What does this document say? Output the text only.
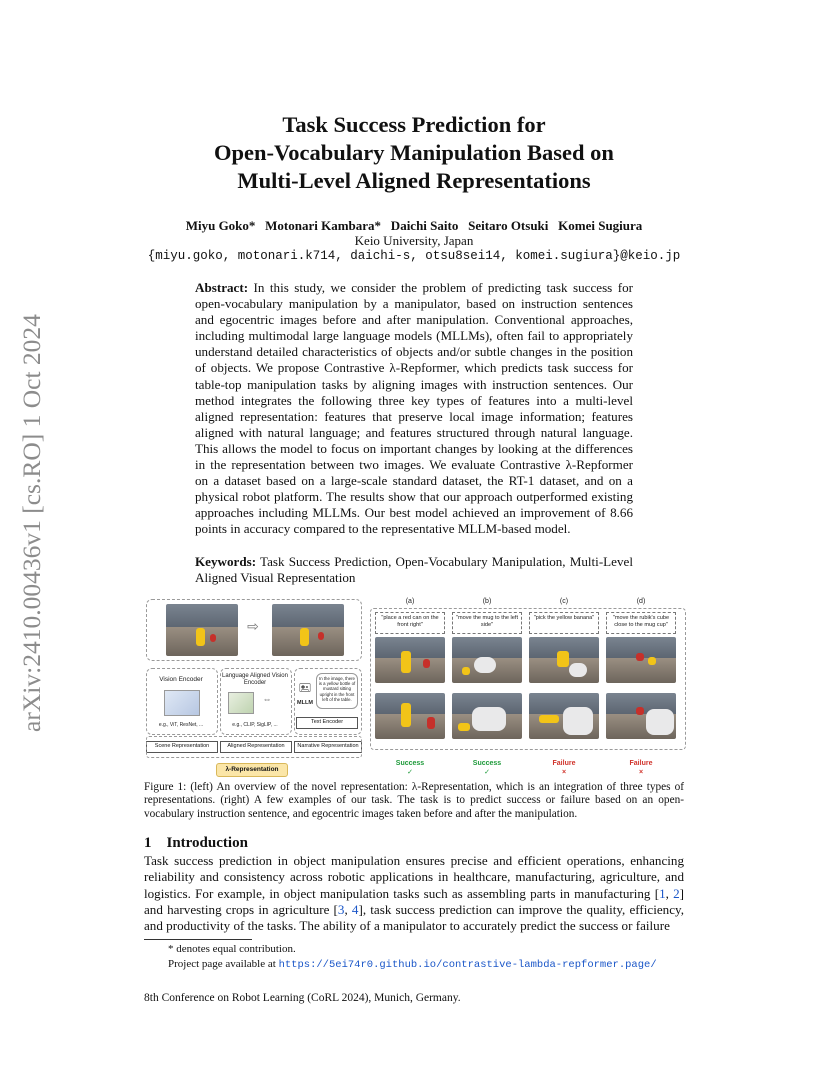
arXiv:2410.00436v1 [cs.RO] 1 Oct 2024
Task Success Prediction for
Open-Vocabulary Manipulation Based on
Multi-Level Aligned Representations
Miyu Goko*   Motonari Kambara*   Daichi Saito   Seitaro Otsuki   Komei Sugiura
Keio University, Japan
{miyu.goko, motonari.k714, daichi-s, otsu8sei14, komei.sugiura}@keio.jp
Abstract: In this study, we consider the problem of predicting task success for open-vocabulary manipulation by a manipulator, based on instruction sentences and egocentric images before and after manipulation. Conventional approaches, including multimodal large language models (MLLMs), often fail to appropriately understand detailed characteristics of objects and/or subtle changes in the position of objects. We propose Contrastive λ-Repformer, which predicts task success for table-top manipulation tasks by aligning images with instruction sentences. Our method integrates the following three key types of features into a multi-level aligned representation: features that preserve local image information; features aligned with natural language; and features structured through natural language. This allows the model to focus on important changes by looking at the differences in the representation between two images. We evaluate Contrastive λ-Repformer on a dataset based on a large-scale standard dataset, the RT-1 dataset, and on a physical robot platform. The results show that our approach outperformed existing approaches including MLLMs. Our best model achieved an improvement of 8.66 points in accuracy compared to the representative MLLM-based model.
Keywords: Task Success Prediction, Open-Vocabulary Manipulation, Multi-Level Aligned Visual Representation
⇨
Vision Encoder
e.g., ViT, ResNet, ...
Language Aligned Vision Encoder
⇔
e.g., CLIP, SigLIP, ...
🖭
MLLM
In the image, there is a yellow bottle of mustard sitting upright in the front left of the table.
Text Encoder
Scene Representation	Aligned Representation	Narrative Representation
λ-Representation
(a)	(b)	(c)	(d)
"place a red can on the front right"
"move the mug to the left side"
"pick the yellow banana"	"move the rubik's cube close to the mug cup"
Success	Success	Failure	Failure
✓	✓	×	×
Figure 1: (left) An overview of the novel representation: λ-Representation, which is an integration of three types of representations. (right) A few examples of our task. The task is to predict success or failure based on an open-vocabulary instruction sentence, and egocentric images taken before and after the manipulation.
1 Introduction
Task success prediction in object manipulation ensures precise and efficient operations, enhancing reliability and consistency across robotic applications in healthcare, manufacturing, agriculture, and logistics. For example, in object manipulation tasks such as assembling parts in manufacturing [1, 2] and harvesting crops in agriculture [3, 4], task success prediction can improve the quality, efficiency, and productivity of the tasks. The ability of a manipulator to accurately predict the success or failure
* denotes equal contribution.
Project page available at https://5ei74r0.github.io/contrastive-lambda-repformer.page/
8th Conference on Robot Learning (CoRL 2024), Munich, Germany.
